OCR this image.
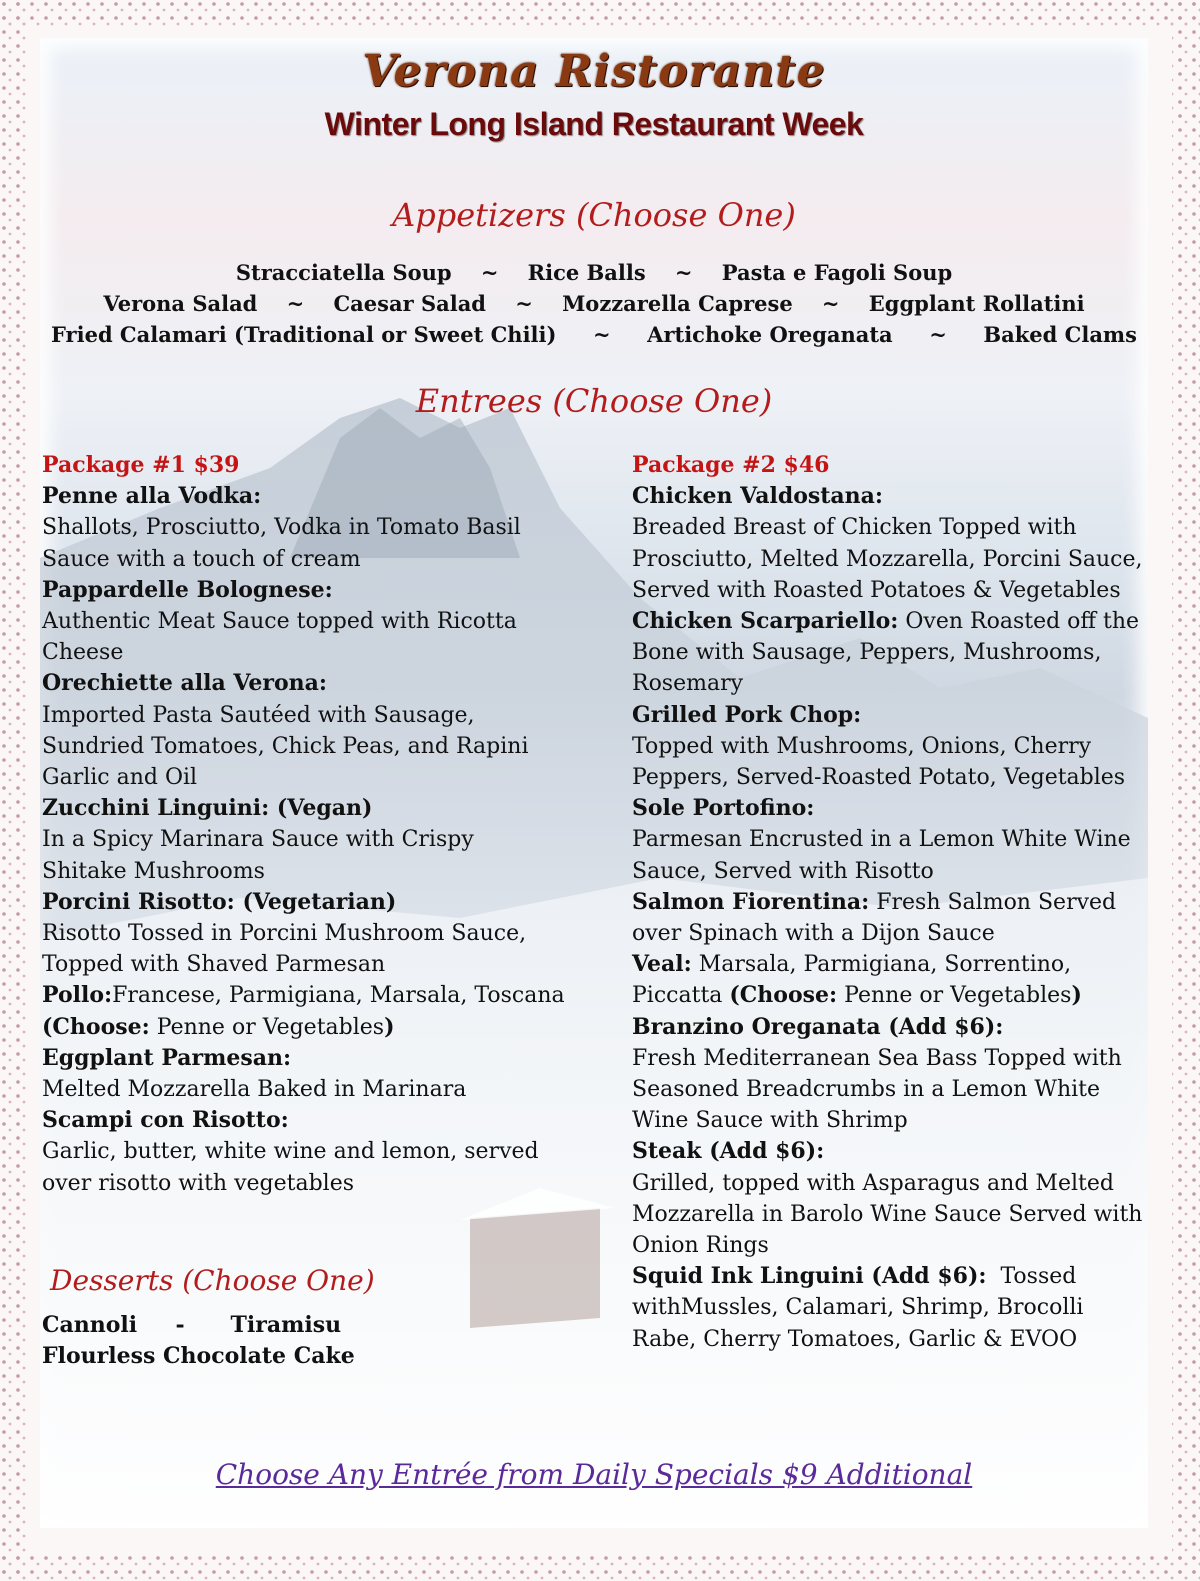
Verona Ristorante
Winter Long Island Restaurant Week
Appetizers (Choose One)
Stracciatella Soup    ~    Rice Balls    ~    Pasta e Fagoli Soup
Verona Salad    ~    Caesar Salad    ~    Mozzarella Caprese    ~    Eggplant Rollatini
Fried Calamari (Traditional or Sweet Chili)     ~     Artichoke Oreganata     ~     Baked Clams
Entrees (Choose One)
Package #1 $39
Penne alla Vodka:
Shallots, Prosciutto, Vodka in Tomato Basil
Sauce with a touch of cream
Pappardelle Bolognese:
Authentic Meat Sauce topped with Ricotta
Cheese
Orechiette alla Verona:
Imported Pasta Sautéed with Sausage,
Sundried Tomatoes, Chick Peas, and Rapini
Garlic and Oil
Zucchini Linguini: (Vegan)
In a Spicy Marinara Sauce with Crispy
Shitake Mushrooms
Porcini Risotto: (Vegetarian)
Risotto Tossed in Porcini Mushroom Sauce,
Topped with Shaved Parmesan
Pollo:Francese, Parmigiana, Marsala, Toscana
(Choose: Penne or Vegetables)
Eggplant Parmesan:
Melted Mozzarella Baked in Marinara
Scampi con Risotto:
Garlic, butter, white wine and lemon, served
over risotto with vegetables
Package #2 $46
Chicken Valdostana:
Breaded Breast of Chicken Topped with
Prosciutto, Melted Mozzarella, Porcini Sauce,
Served with Roasted Potatoes & Vegetables
Chicken Scarpariello: Oven Roasted off the
Bone with Sausage, Peppers, Mushrooms,
Rosemary
Grilled Pork Chop:
Topped with Mushrooms, Onions, Cherry
Peppers, Served-Roasted Potato, Vegetables
Sole Portofino:
Parmesan Encrusted in a Lemon White Wine
Sauce, Served with Risotto
Salmon Fiorentina: Fresh Salmon Served
over Spinach with a Dijon Sauce
Veal: Marsala, Parmigiana, Sorrentino,
Piccatta (Choose: Penne or Vegetables)
Branzino Oreganata (Add $6):
Fresh Mediterranean Sea Bass Topped with
Seasoned Breadcrumbs in a Lemon White
Wine Sauce with Shrimp
Steak (Add $6):
Grilled, topped with Asparagus and Melted
Mozzarella in Barolo Wine Sauce Served with
Onion Rings
Squid Ink Linguini (Add $6):  Tossed
withMussles, Calamari, Shrimp, Brocolli
Rabe, Cherry Tomatoes, Garlic & EVOO
Desserts (Choose One)
Cannoli     -      Tiramisu
Flourless Chocolate Cake
Choose Any Entrée from Daily Specials $9 Additional
